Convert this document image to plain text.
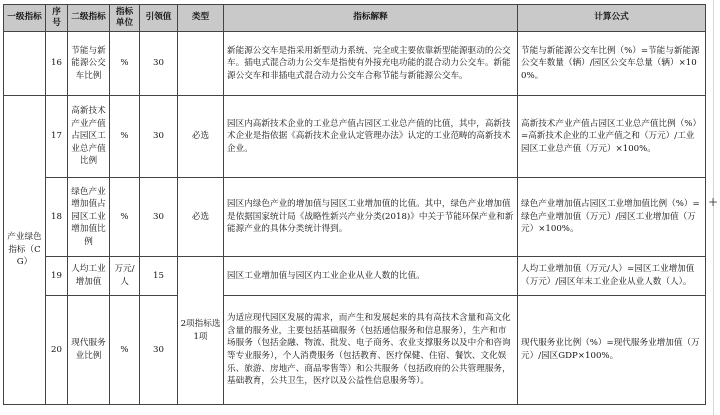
一级指标	序号	二级指标	指标单位	引领值	类型	指标解释	计算公式
	16	节能与新能源公交车比例	%	30		新能源公交车是指采用新型动力系统、完全或主要依靠新型能源驱动的公交车。插电式混合动力公交车是指使有外接充电功能的混合动力公交车。新能源公交车和非插电式混合动力公交车合称节能与新能源公交车。	节能与新能源公交车比例（%）=节能与新能源公交车数量（辆）/园区公交车总量（辆）×100%。
产业绿色指标（CG）	17	高新技术产业产值占园区工业总产值比例	%	30	必选	园区内高新技术企业的工业总产值占园区工业总产值的比值，其中，高新技术企业是指依据《高新技术企业认定管理办法》认定的工业范畴的高新技术企业。	高新技术产业产值占园区工业总产值比例（%）=高新技术企业的工业产值之和（万元）/工业园区工业总产值（万元）×100%。
	18	绿色产业增加值占园区工业增加值比例	%	30	必选	园区内绿色产业的增加值与园区工业增加值的比值。其中，绿色产业增加值是依据国家统计局《战略性新兴产业分类(2018)》中关于节能环保产业和新能源产业的具体分类统计得到。	绿色产业增加值占园区工业增加值比例（%）=绿色产业增加值（万元）/园区工业增加值（万元）×100%。
	19	人均工业增加值	万元/人	15	2项指标选1项	园区工业增加值与园区内工业企业从业人数的比值。	人均工业增加值（万元/人）=园区工业增加值（万元）/园区年末工业企业从业人数（人）。
	20	现代服务业比例	%	30		为适应现代园区发展的需求，而产生和发展起来的具有高技术含量和高文化含量的服务业，主要包括基础服务（包括通信服务和信息服务），生产和市场服务（包括金融、物流、批发、电子商务、农业支撑服务以及中介和咨询等专业服务），个人消费服务（包括教育、医疗保健、住宿、餐饮、文化娱乐、旅游、房地产、商品零售等）和公共服务（包括政府的公共管理服务，基础教育，公共卫生，医疗以及公益性信息服务等）。	现代服务业比例（%）=现代服务业增加值（万元）/园区GDP×100%。
+
